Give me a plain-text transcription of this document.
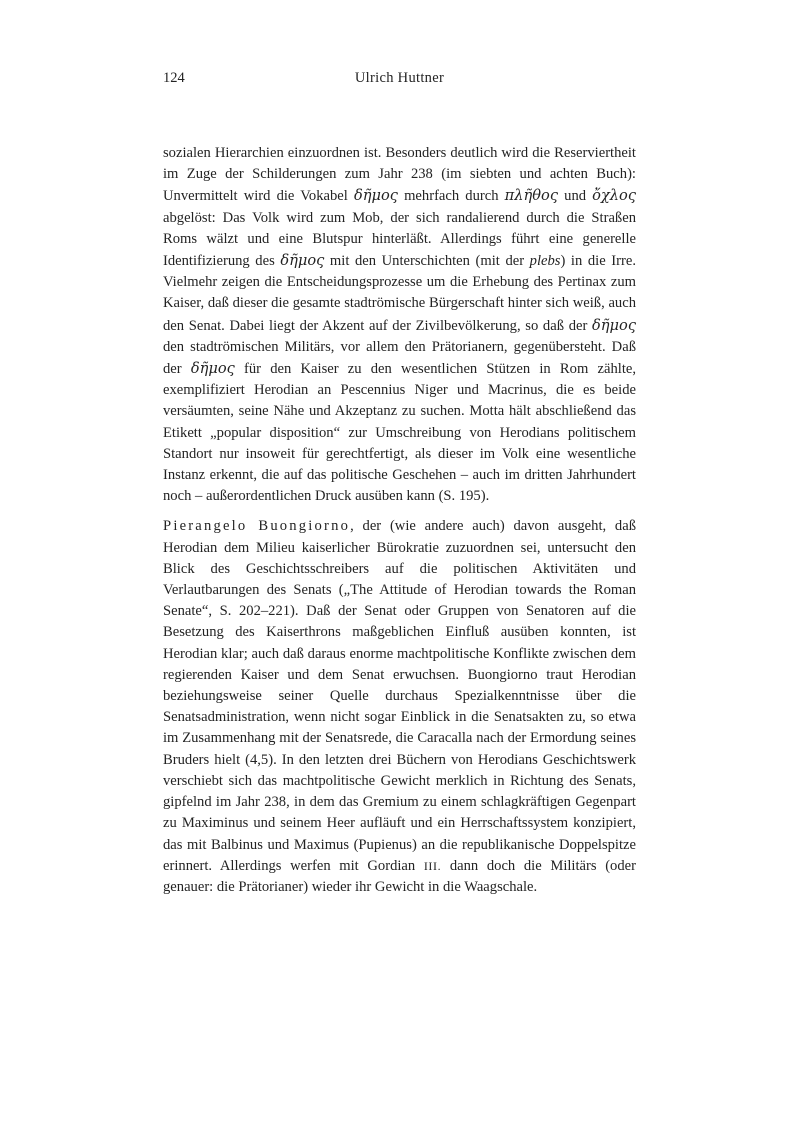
124	Ulrich Huttner

sozialen Hierarchien einzuordnen ist. Besonders deutlich wird die Reserviertheit im Zuge der Schilderungen zum Jahr 238 (im siebten und achten Buch): Unvermittelt wird die Vokabel δῆμος mehrfach durch πλῆθος und ὄχλος abgelöst: Das Volk wird zum Mob, der sich randalierend durch die Straßen Roms wälzt und eine Blutspur hinterläßt. Allerdings führt eine generelle Identifizierung des δῆμος mit den Unterschichten (mit der plebs) in die Irre. Vielmehr zeigen die Entscheidungsprozesse um die Erhebung des Pertinax zum Kaiser, daß dieser die gesamte stadtrömische Bürgerschaft hinter sich weiß, auch den Senat. Dabei liegt der Akzent auf der Zivilbevölkerung, so daß der δῆμος den stadtrömischen Militärs, vor allem den Prätorianern, gegenübersteht. Daß der δῆμος für den Kaiser zu den wesentlichen Stützen in Rom zählte, exemplifiziert Herodian an Pescennius Niger und Macrinus, die es beide versäumten, seine Nähe und Akzeptanz zu suchen. Motta hält abschließend das Etikett „popular disposition“ zur Umschreibung von Herodians politischem Standort nur insoweit für gerechtfertigt, als dieser im Volk eine wesentliche Instanz erkennt, die auf das politische Geschehen – auch im dritten Jahrhundert noch – außerordentlichen Druck ausüben kann (S. 195).

Pierangelo Buongiorno, der (wie andere auch) davon ausgeht, daß Herodian dem Milieu kaiserlicher Bürokratie zuzuordnen sei, untersucht den Blick des Geschichtsschreibers auf die politischen Aktivitäten und Verlautbarungen des Senats („The Attitude of Herodian towards the Roman Senate“, S. 202–221). Daß der Senat oder Gruppen von Senatoren auf die Besetzung des Kaiserthrons maßgeblichen Einfluß ausüben konnten, ist Herodian klar; auch daß daraus enorme machtpolitische Konflikte zwischen dem regierenden Kaiser und dem Senat erwuchsen. Buongiorno traut Herodian beziehungsweise seiner Quelle durchaus Spezialkenntnisse über die Senatsadministration, wenn nicht sogar Einblick in die Senatsakten zu, so etwa im Zusammenhang mit der Senatsrede, die Caracalla nach der Ermordung seines Bruders hielt (4,5). In den letzten drei Büchern von Herodians Geschichtswerk verschiebt sich das machtpolitische Gewicht merklich in Richtung des Senats, gipfelnd im Jahr 238, in dem das Gremium zu einem schlagkräftigen Gegenpart zu Maximinus und seinem Heer aufläuft und ein Herrschaftssystem konzipiert, das mit Balbinus und Maximus (Pupienus) an die republikanische Doppelspitze erinnert. Allerdings werfen mit Gordian III. dann doch die Militärs (oder genauer: die Prätorianer) wieder ihr Gewicht in die Waagschale.
